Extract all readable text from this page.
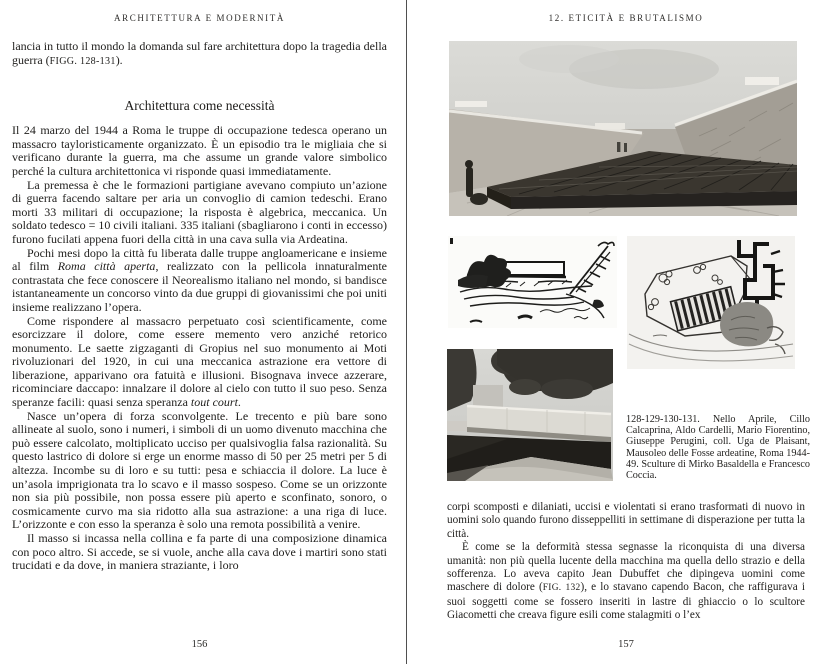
ARCHITETTURA E MODERNITÀ

lancia in tutto il mondo la domanda sul fare architettura dopo la tragedia della guerra (FIGG. 128-131).

Architettura come necessità

Il 24 marzo del 1944 a Roma le truppe di occupazione tedesca operano un massacro tayloristicamente organizzato. È un episodio tra le migliaia che si verificano durante la guerra, ma che assume un grande valore simbolico perché la cultura architettonica vi risponde quasi immediatamente.

La premessa è che le formazioni partigiane avevano compiuto un’azione di guerra facendo saltare per aria un convoglio di camion tedeschi. Erano morti 33 militari di occupazione; la risposta è algebrica, meccanica. Un soldato tedesco = 10 civili italiani. 335 italiani (sbagliarono i conti in eccesso) furono fucilati appena fuori della città in una cava sulla via Ardeatina.

Pochi mesi dopo la città fu liberata dalle truppe angloamericane e insieme al film Roma città aperta, realizzato con la pellicola innaturalmente contrastata che fece conoscere il Neorealismo italiano nel mondo, si bandisce istantaneamente un concorso vinto da due gruppi di giovanissimi che poi uniti insieme realizzano l’opera.

Come rispondere al massacro perpetuato così scientificamente, come esorcizzare il dolore, come essere memento vero anziché retorico monumento. Le saette zigzaganti di Gropius nel suo monumento ai Moti rivoluzionari del 1920, in cui una meccanica astrazione era vettore di liberazione, apparivano ora fatuità e illusioni. Bisognava invece azzerare, ricominciare daccapo: innalzare il dolore al cielo con tutto il suo peso. Senza speranze facili: quasi senza speranza tout court.

Nasce un’opera di forza sconvolgente. Le trecento e più bare sono allineate al suolo, sono i numeri, i simboli di un uomo divenuto macchina che può essere calcolato, moltiplicato ucciso per qualsivoglia falsa razionalità. Su questo lastrico di dolore si erge un enorme masso di 50 per 25 metri per 5 di altezza. Incombe su di loro e su tutti: pesa e schiaccia il dolore. La luce è un’asola imprigionata tra lo scavo e il masso sospeso. Come se un orizzonte non sia più possibile, non possa essere più aperto e sconfinato, sonoro, o cosmicamente curvo ma sia ridotto alla sua astrazione: a una riga di luce. L’orizzonte e con esso la speranza è solo una remota possibilità a venire.

Il masso si incassa nella collina e fa parte di una composizione dinamica con poco altro. Si accede, se si vuole, anche alla cava dove i martiri sono stati trucidati e da dove, in maniera straziante, i loro

156
12. ETICITÀ E BRUTALISMO
128-129-130-131. Nello Aprile, Cillo Calcaprina, Aldo Cardelli, Mario Fiorentino, Giuseppe Perugini, coll. Uga de Plaisant, Mausoleo delle Fosse ardeatine, Roma 1944-49. Sculture di Mirko Basaldella e Francesco Coccia.

corpi scomposti e dilaniati, uccisi e violentati si erano trasformati di nuovo in uomini solo quando furono disseppelliti in settimane di disperazione per tutta la città.

È come se la deformità stessa segnasse la riconquista di una diversa umanità: non più quella lucente della macchina ma quella dello strazio e della sofferenza. Lo aveva capito Jean Dubuffet che dipingeva uomini come maschere di dolore (FIG. 132), e lo stavano capendo Bacon, che raffigurava i suoi soggetti come se fossero inseriti in lastre di ghiaccio o lo scultore Giacometti che creava figure esili come stalagmiti o l’ex

157
